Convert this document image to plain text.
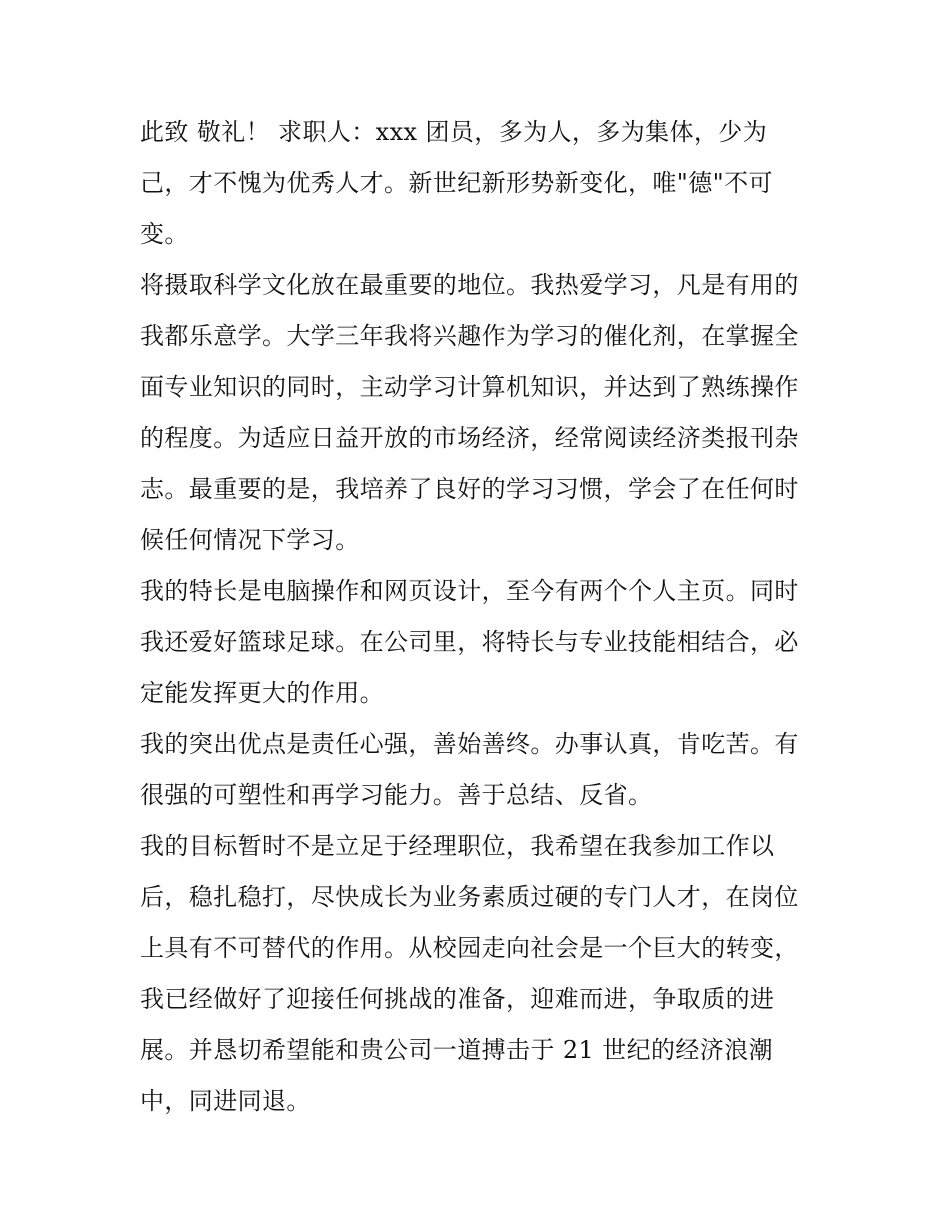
此致 敬礼！ 求职人：xxx 团员，多为人，多为集体，少为
己，才不愧为优秀人才。新世纪新形势新变化，唯"德"不可
变。

将摄取科学文化放在最重要的地位。我热爱学习，凡是有用的
我都乐意学。大学三年我将兴趣作为学习的催化剂，在掌握全
面专业知识的同时，主动学习计算机知识，并达到了熟练操作
的程度。为适应日益开放的市场经济，经常阅读经济类报刊杂
志。最重要的是，我培养了良好的学习习惯，学会了在任何时
候任何情况下学习。

我的特长是电脑操作和网页设计，至今有两个个人主页。同时
我还爱好篮球足球。在公司里，将特长与专业技能相结合，必
定能发挥更大的作用。

我的突出优点是责任心强，善始善终。办事认真，肯吃苦。有
很强的可塑性和再学习能力。善于总结、反省。

我的目标暂时不是立足于经理职位，我希望在我参加工作以
后，稳扎稳打，尽快成长为业务素质过硬的专门人才，在岗位
上具有不可替代的作用。从校园走向社会是一个巨大的转变，
我已经做好了迎接任何挑战的准备，迎难而进，争取质的进
展。并恳切希望能和贵公司一道搏击于 21 世纪的经济浪潮
中，同进同退。
